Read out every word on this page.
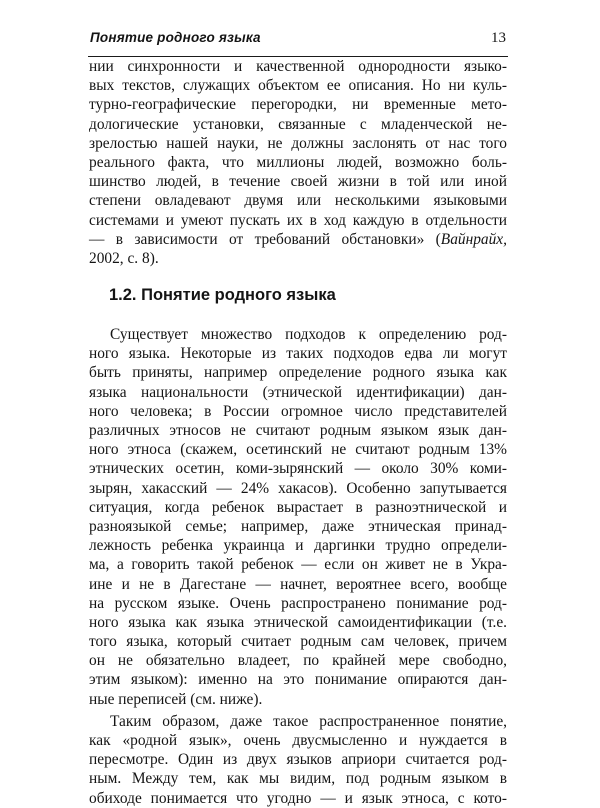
Понятие родного языка	13
нии синхронности и качественной однородности языко-
вых текстов, служащих объектом ее описания. Но ни куль-
турно-географические перегородки, ни временные мето-
дологические установки, связанные с младенческой не-
зрелостью нашей науки, не должны заслонять от нас того
реального факта, что миллионы людей, возможно боль-
шинство людей, в течение своей жизни в той или иной
степени овладевают двумя или несколькими языковыми
системами и умеют пускать их в ход каждую в отдельности
— в зависимости от требований обстановки» (Вайнрайх,
2002, с. 8).
1.2. Понятие родного языка
Существует множество подходов к определению род-
ного языка. Некоторые из таких подходов едва ли могут
быть приняты, например определение родного языка как
языка национальности (этнической идентификации) дан-
ного человека; в России огромное число представителей
различных этносов не считают родным языком язык дан-
ного этноса (скажем, осетинский не считают родным 13%
этнических осетин, коми-зырянский — около 30% коми-
зырян, хакасский — 24% хакасов). Особенно запутывается
ситуация, когда ребенок вырастает в разноэтнической и
разноязыкой семье; например, даже этническая принад-
лежность ребенка украинца и даргинки трудно определи-
ма, а говорить такой ребенок — если он живет не в Укра-
ине и не в Дагестане — начнет, вероятнее всего, вообще
на русском языке. Очень распространено понимание род-
ного языка как языка этнической самоидентификации (т.е.
того языка, который считает родным сам человек, причем
он не обязательно владеет, по крайней мере свободно,
этим языком): именно на это понимание опираются дан-
ные переписей (см. ниже).
Таким образом, даже такое распространенное понятие,
как «родной язык», очень двусмысленно и нуждается в
пересмотре. Один из двух языков априори считается род-
ным. Между тем, как мы видим, под родным языком в
обиходе понимается что угодно — и язык этноса, с кото-
